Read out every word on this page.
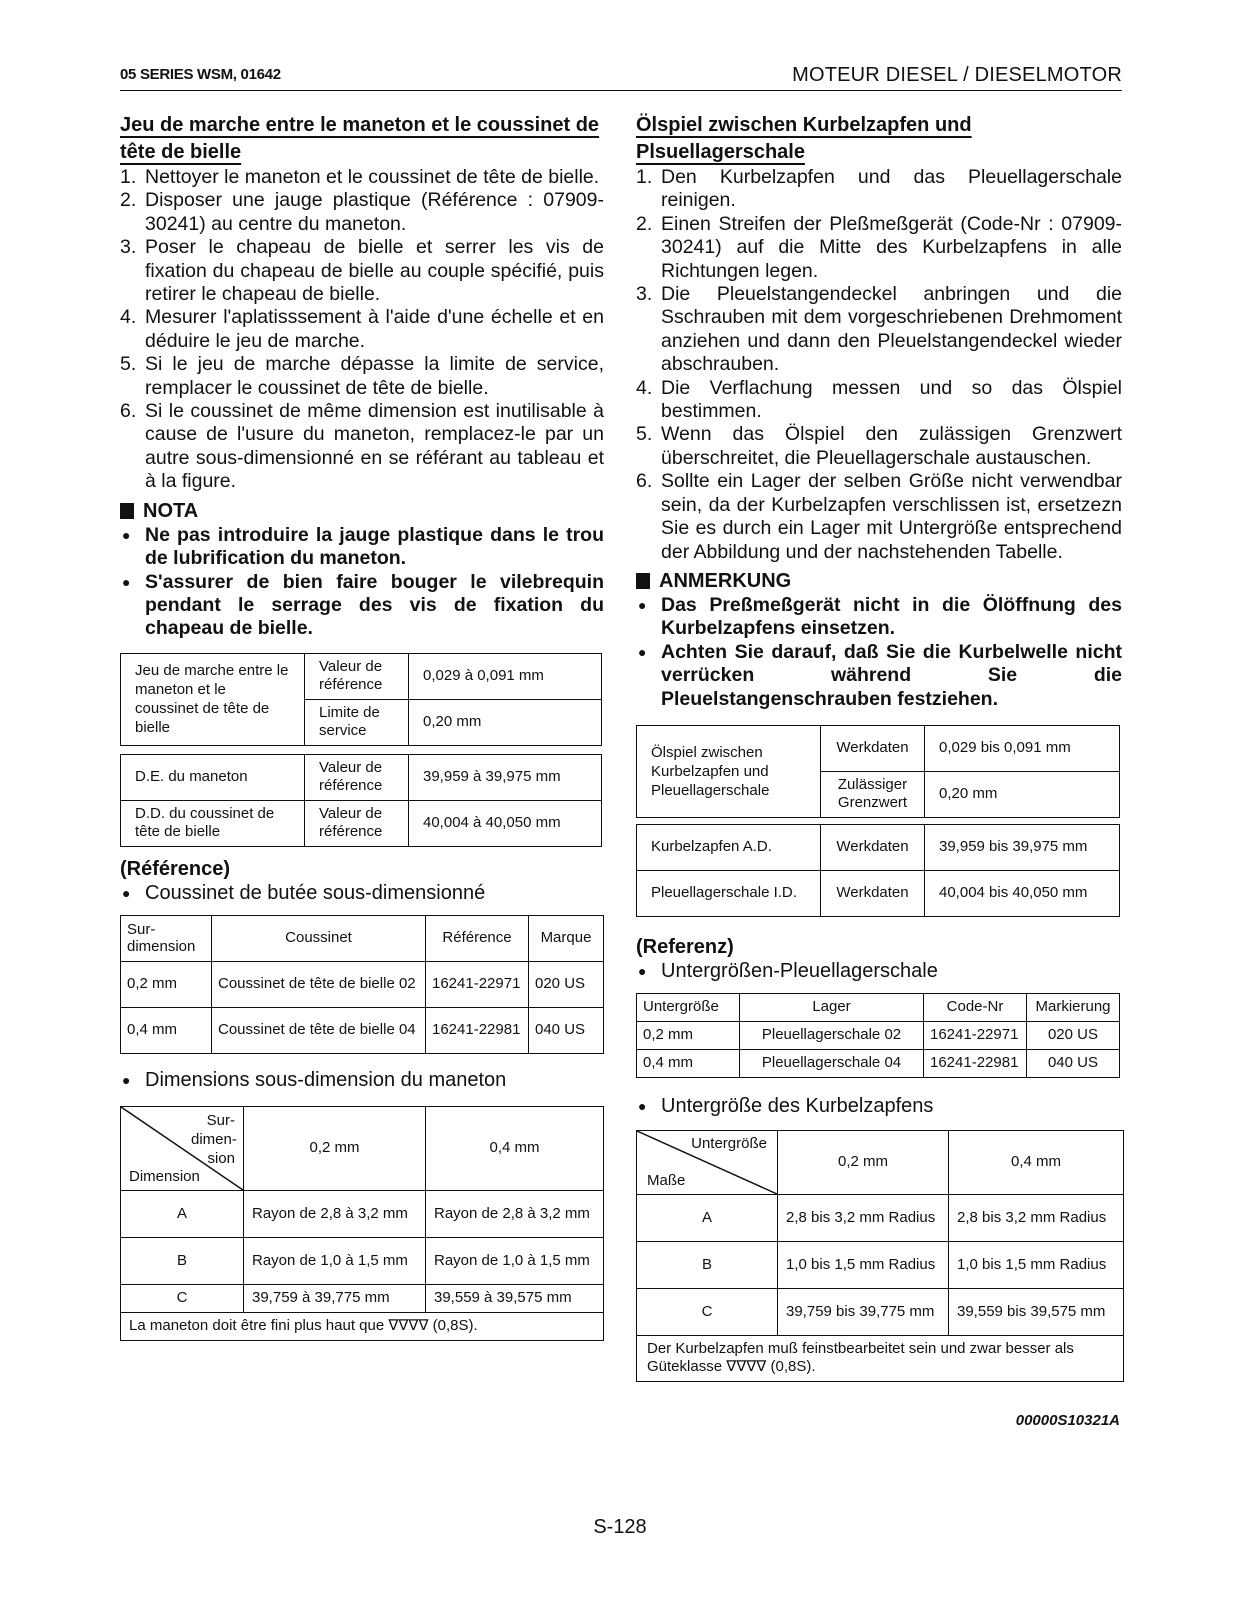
05 SERIES WSM, 01642	MOTEUR DIESEL / DIESELMOTOR
Jeu de marche entre le maneton et le coussinet de
tête de bielle
1. Nettoyer le maneton et le coussinet de tête de bielle.
2. Disposer une jauge plastique (Référence : 07909-30241) au centre du maneton.
3. Poser le chapeau de bielle et serrer les vis de fixation du chapeau de bielle au couple spécifié, puis retirer le chapeau de bielle.
4. Mesurer l'aplatisssement à l'aide d'une échelle et en déduire le jeu de marche.
5. Si le jeu de marche dépasse la limite de service, remplacer le coussinet de tête de bielle.
6. Si le coussinet de même dimension est inutilisable à cause de l'usure du maneton, remplacez-le par un autre sous-dimensionné en se référant au tableau et à la figure.
NOTA
● Ne pas introduire la jauge plastique dans le trou de lubrification du maneton.
● S'assurer de bien faire bouger le vilebrequin pendant le serrage des vis de fixation du chapeau de bielle.
Jeu de marche entre le maneton et le coussinet de tête de bielle	Valeur de référence	0,029 à 0,091 mm
	Limite de service	0,20 mm
D.E. du maneton	Valeur de référence	39,959 à 39,975 mm
D.D. du coussinet de tête de bielle	Valeur de référence	40,004 à 40,050 mm
(Référence)
● Coussinet de butée sous-dimensionné
Sur-dimension	Coussinet	Référence	Marque
0,2 mm	Coussinet de tête de bielle 02	16241-22971	020 US
0,4 mm	Coussinet de tête de bielle 04	16241-22981	040 US
● Dimensions sous-dimension du maneton
Sur-dimen-sion
Dimension	0,2 mm	0,4 mm
A	Rayon de 2,8 à 3,2 mm	Rayon de 2,8 à 3,2 mm
B	Rayon de 1,0 à 1,5 mm	Rayon de 1,0 à 1,5 mm
C	39,759 à 39,775 mm	39,559 à 39,575 mm
La maneton doit être fini plus haut que ∇∇∇∇ (0,8S).		
Ölspiel zwischen Kurbelzapfen und
Plsuellagerschale
1. Den Kurbelzapfen und das Pleuellagerschale reinigen.
2. Einen Streifen der Pleßmeßgerät (Code-Nr : 07909-30241) auf die Mitte des Kurbelzapfens in alle Richtungen legen.
3. Die Pleuelstangendeckel anbringen und die Sschrauben mit dem vorgeschriebenen Drehmoment anziehen und dann den Pleuelstangendeckel wieder abschrauben.
4. Die Verflachung messen und so das Ölspiel bestimmen.
5. Wenn das Ölspiel den zulässigen Grenzwert überschreitet, die Pleuellagerschale austauschen.
6. Sollte ein Lager der selben Größe nicht verwendbar sein, da der Kurbelzapfen verschlissen ist, ersetzezn Sie es durch ein Lager mit Untergröße entsprechend der Abbildung und der nachstehenden Tabelle.
ANMERKUNG
● Das Preßmeßgerät nicht in die Ölöffnung des Kurbelzapfens einsetzen.
● Achten Sie darauf, daß Sie die Kurbelwelle nicht verrücken während Sie die Pleuelstangenschrauben festziehen.
Ölspiel zwischen Kurbelzapfen und Pleuellagerschale	Werkdaten	0,029 bis 0,091 mm
	Zulässiger Grenzwert	0,20 mm
Kurbelzapfen A.D.	Werkdaten	39,959 bis 39,975 mm
Pleuellagerschale I.D.	Werkdaten	40,004 bis 40,050 mm
(Referenz)
● Untergrößen-Pleuellagerschale
Untergröße	Lager	Code-Nr	Markierung
0,2 mm	Pleuellagerschale 02	16241-22971	020 US
0,4 mm	Pleuellagerschale 04	16241-22981	040 US
● Untergröße des Kurbelzapfens
Untergröße
Maße	0,2 mm	0,4 mm
A	2,8 bis 3,2 mm Radius	2,8 bis 3,2 mm Radius
B	1,0 bis 1,5 mm Radius	1,0 bis 1,5 mm Radius
C	39,759 bis 39,775 mm	39,559 bis 39,575 mm
Der Kurbelzapfen muß feinstbearbeitet sein und zwar besser als Güteklasse ∇∇∇∇ (0,8S).		
00000S10321A
S-128
